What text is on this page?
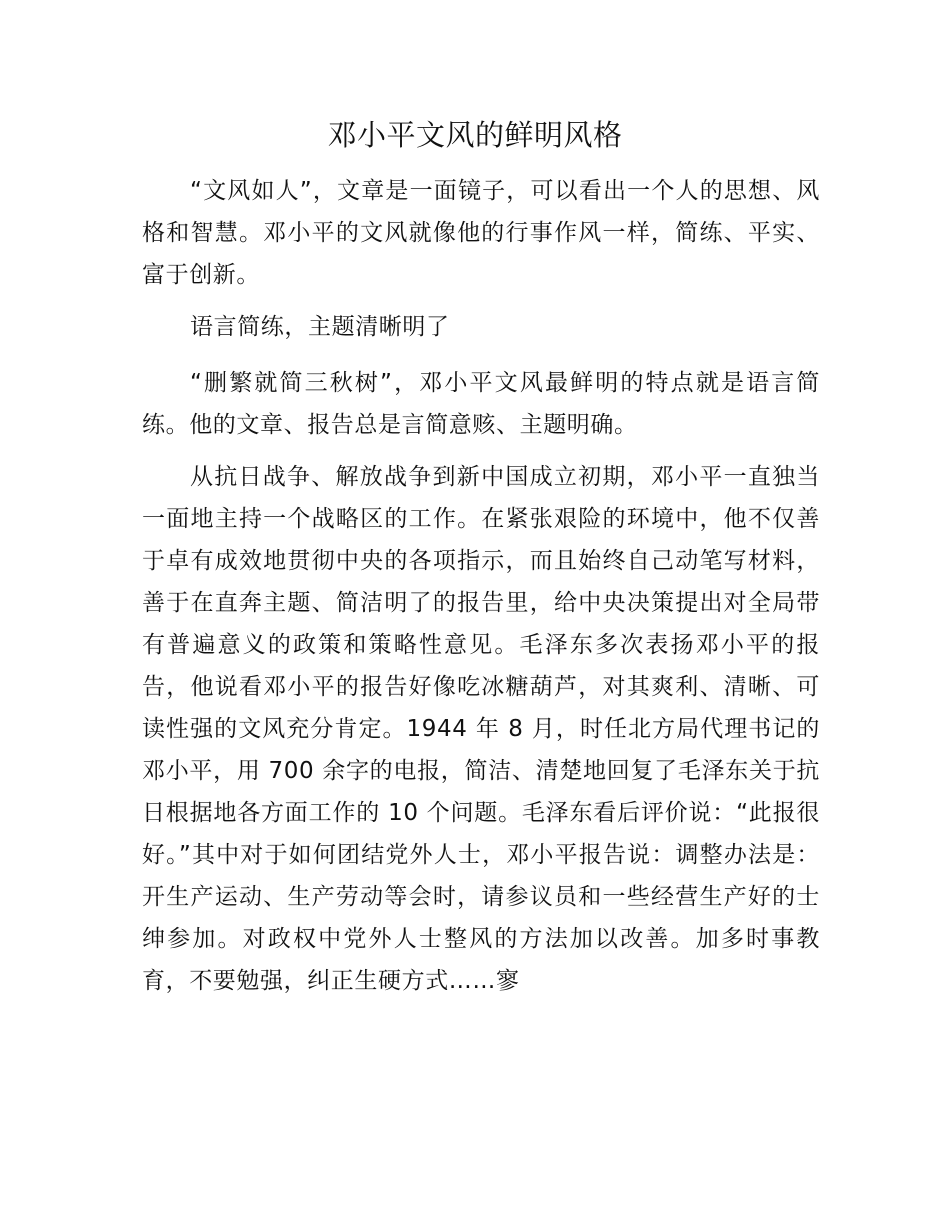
邓小平文风的鲜明风格

“文风如人”，文章是一面镜子，可以看出一个人的思想、风格和智慧。邓小平的文风就像他的行事作风一样，简练、平实、富于创新。

语言简练，主题清晰明了

“删繁就简三秋树”，邓小平文风最鲜明的特点就是语言简练。他的文章、报告总是言简意赅、主题明确。

从抗日战争、解放战争到新中国成立初期，邓小平一直独当一面地主持一个战略区的工作。在紧张艰险的环境中，他不仅善于卓有成效地贯彻中央的各项指示，而且始终自己动笔写材料，善于在直奔主题、简洁明了的报告里，给中央决策提出对全局带有普遍意义的政策和策略性意见。毛泽东多次表扬邓小平的报告，他说看邓小平的报告好像吃冰糖葫芦，对其爽利、清晰、可读性强的文风充分肯定。1944 年 8 月，时任北方局代理书记的邓小平，用 700 余字的电报，简洁、清楚地回复了毛泽东关于抗日根据地各方面工作的 10 个问题。毛泽东看后评价说：“此报很好。”其中对于如何团结党外人士，邓小平报告说：调整办法是：开生产运动、生产劳动等会时，请参议员和一些经营生产好的士绅参加。对政权中党外人士整风的方法加以改善。加多时事教育，不要勉强，纠正生硬方式……寥
